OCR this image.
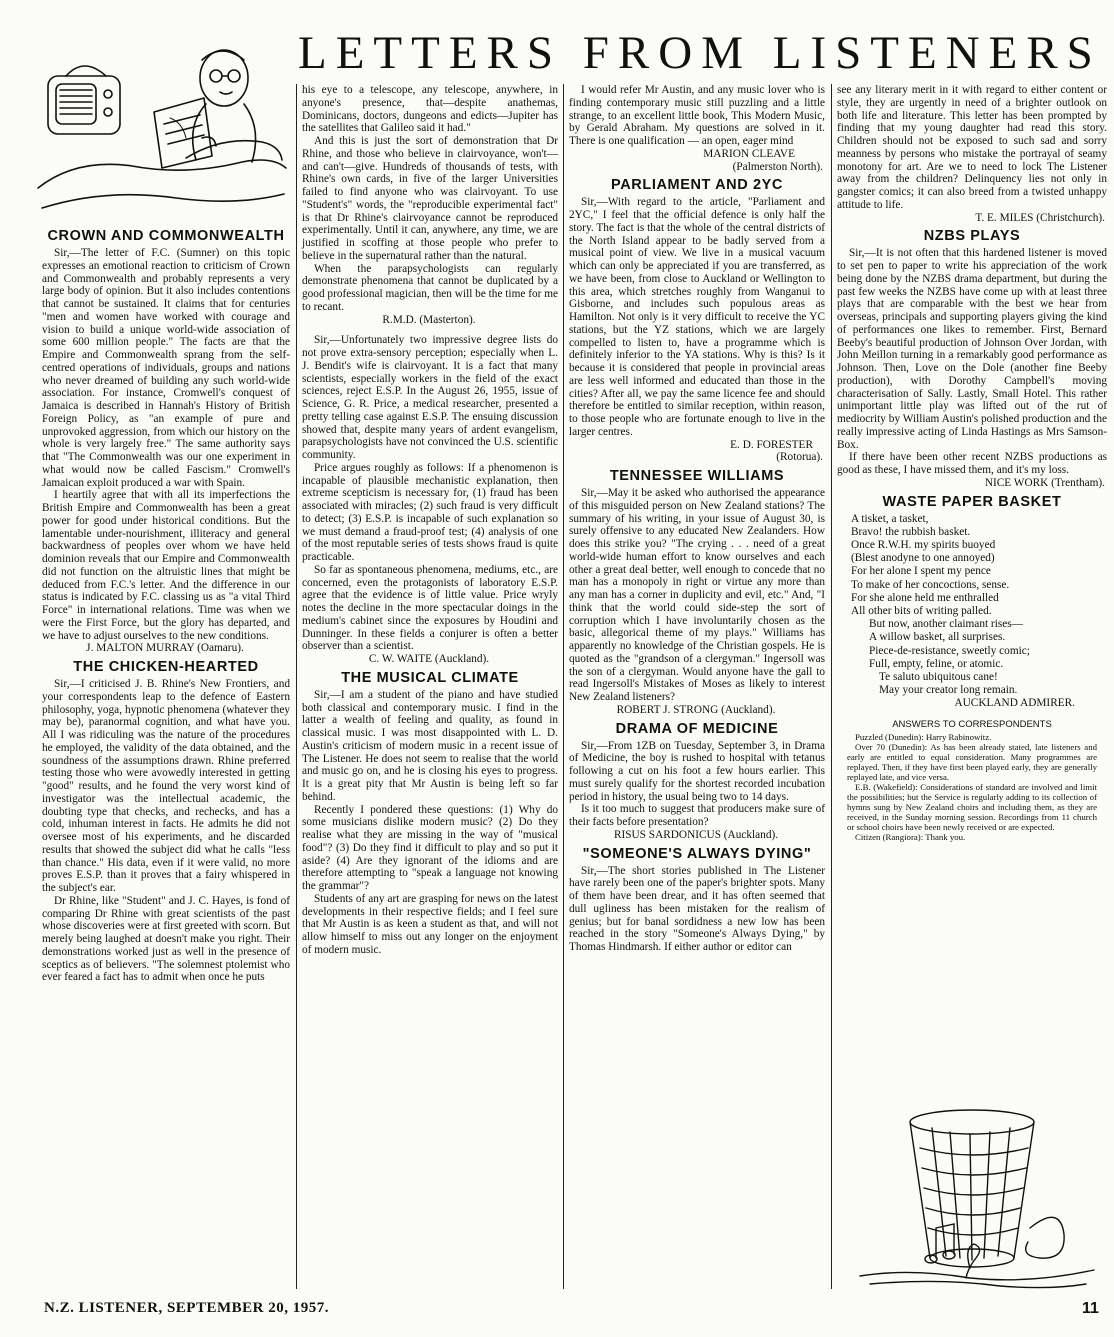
LETTERS FROM LISTENERS
CROWN AND COMMONWEALTH

Sir,—The letter of F.C. (Sumner) on this topic expresses an emotional reaction to criticism of Crown and Commonwealth and probably represents a very large body of opinion. But it also includes contentions that cannot be sustained. It claims that for centuries "men and women have worked with courage and vision to build a unique world-wide association of some 600 million people." The facts are that the Empire and Commonwealth sprang from the self-centred operations of individuals, groups and nations who never dreamed of building any such world-wide association. For instance, Cromwell's conquest of Jamaica is described in Hannah's History of British Foreign Policy, as "an example of pure and unprovoked aggression, from which our history on the whole is very largely free." The same authority says that "The Commonwealth was our one experiment in what would now be called Fascism." Cromwell's Jamaican exploit produced a war with Spain.

I heartily agree that with all its imperfections the British Empire and Commonwealth has been a great power for good under historical conditions. But the lamentable under-nourishment, illiteracy and general backwardness of peoples over whom we have held dominion reveals that our Empire and Commonwealth did not function on the altruistic lines that might be deduced from F.C.'s letter. And the difference in our status is indicated by F.C. classing us as "a vital Third Force" in international relations. Time was when we were the First Force, but the glory has departed, and we have to adjust ourselves to the new conditions.

J. MALTON MURRAY (Oamaru).
THE CHICKEN-HEARTED

Sir,—I criticised J. B. Rhine's New Frontiers, and your correspondents leap to the defence of Eastern philosophy, yoga, hypnotic phenomena (whatever they may be), paranormal cognition, and what have you. All I was ridiculing was the nature of the procedures he employed, the validity of the data obtained, and the soundness of the assumptions drawn. Rhine preferred testing those who were avowedly interested in getting "good" results, and he found the very worst kind of investigator was the intellectual academic, the doubting type that checks, and rechecks, and has a cold, inhuman interest in facts. He admits he did not oversee most of his experiments, and he discarded results that showed the subject did what he calls "less than chance." His data, even if it were valid, no more proves E.S.P. than it proves that a fairy whispered in the subject's ear.

Dr Rhine, like "Student" and J. C. Hayes, is fond of comparing Dr Rhine with great scientists of the past whose discoveries were at first greeted with scorn. But merely being laughed at doesn't make you right. Their demonstrations worked just as well in the presence of sceptics as of believers. "The solemnest ptolemist who ever feared a fact has to admit when once he puts

his eye to a telescope, any telescope, anywhere, in anyone's presence, that—despite anathemas, Dominicans, doctors, dungeons and edicts—Jupiter has the satellites that Galileo said it had."

And this is just the sort of demonstration that Dr Rhine, and those who believe in clairvoyance, won't—and can't—give. Hundreds of thousands of tests, with Rhine's own cards, in five of the larger Universities failed to find anyone who was clairvoyant. To use "Student's" words, the "reproducible experimental fact" is that Dr Rhine's clairvoyance cannot be reproduced experimentally. Until it can, anywhere, any time, we are justified in scoffing at those people who prefer to believe in the supernatural rather than the natural.

When the parapsychologists can regularly demonstrate phenomena that cannot be duplicated by a good professional magician, then will be the time for me to recant.

R.M.D. (Masterton).

Sir,—Unfortunately two impressive degree lists do not prove extra-sensory perception; especially when L. J. Bendit's wife is clairvoyant. It is a fact that many scientists, especially workers in the field of the exact sciences, reject E.S.P. In the August 26, 1955, issue of Science, G. R. Price, a medical researcher, presented a pretty telling case against E.S.P. The ensuing discussion showed that, despite many years of ardent evangelism, parapsychologists have not convinced the U.S. scientific community.

Price argues roughly as follows: If a phenomenon is incapable of plausible mechanistic explanation, then extreme scepticism is necessary for, (1) fraud has been associated with miracles; (2) such fraud is very difficult to detect; (3) E.S.P. is incapable of such explanation so we must demand a fraud-proof test; (4) analysis of one of the most reputable series of tests shows fraud is quite practicable.

So far as spontaneous phenomena, mediums, etc., are concerned, even the protagonists of laboratory E.S.P. agree that the evidence is of little value. Price wryly notes the decline in the more spectacular doings in the medium's cabinet since the exposures by Houdini and Dunninger. In these fields a conjurer is often a better observer than a scientist.

C. W. WAITE (Auckland).
THE MUSICAL CLIMATE

Sir,—I am a student of the piano and have studied both classical and contemporary music. I find in the latter a wealth of feeling and quality, as found in classical music. I was most disappointed with L. D. Austin's criticism of modern music in a recent issue of The Listener. He does not seem to realise that the world and music go on, and he is closing his eyes to progress. It is a great pity that Mr Austin is being left so far behind.

Recently I pondered these questions: (1) Why do some musicians dislike modern music? (2) Do they realise what they are missing in the way of "musical food"? (3) Do they find it difficult to play and so put it aside? (4) Are they ignorant of the idioms and are therefore attempting to "speak a language not knowing the grammar"?

Students of any art are grasping for news on the latest developments in their respective fields; and I feel sure that Mr Austin is as keen a student as that, and will not allow himself to miss out any longer on the enjoyment of modern music.

I would refer Mr Austin, and any music lover who is finding contemporary music still puzzling and a little strange, to an excellent little book, This Modern Music, by Gerald Abraham. My questions are solved in it. There is one qualification — an open, eager mind

MARION CLEAVE
(Palmerston North).
PARLIAMENT AND 2YC

Sir,—With regard to the article, "Parliament and 2YC," I feel that the official defence is only half the story. The fact is that the whole of the central districts of the North Island appear to be badly served from a musical point of view. We live in a musical vacuum which can only be appreciated if you are transferred, as we have been, from close to Auckland or Wellington to this area, which stretches roughly from Wanganui to Gisborne, and includes such populous areas as Hamilton. Not only is it very difficult to receive the YC stations, but the YZ stations, which we are largely compelled to listen to, have a programme which is definitely inferior to the YA stations. Why is this? Is it because it is considered that people in provincial areas are less well informed and educated than those in the cities? After all, we pay the same licence fee and should therefore be entitled to similar reception, within reason, to those people who are fortunate enough to live in the larger centres.

E. D. FORESTER
(Rotorua).
TENNESSEE WILLIAMS

Sir,—May it be asked who authorised the appearance of this misguided person on New Zealand stations? The summary of his writing, in your issue of August 30, is surely offensive to any educated New Zealanders. How does this strike you? "The crying . . . need of a great world-wide human effort to know ourselves and each other a great deal better, well enough to concede that no man has a monopoly in right or virtue any more than any man has a corner in duplicity and evil, etc." And, "I think that the world could side-step the sort of corruption which I have involuntarily chosen as the basic, allegorical theme of my plays." Williams has apparently no knowledge of the Christian gospels. He is quoted as the "grandson of a clergyman." Ingersoll was the son of a clergyman. Would anyone have the gall to read Ingersoll's Mistakes of Moses as likely to interest New Zealand listeners?

ROBERT J. STRONG (Auckland).
DRAMA OF MEDICINE

Sir,—From 1ZB on Tuesday, September 3, in Drama of Medicine, the boy is rushed to hospital with tetanus following a cut on his foot a few hours earlier. This must surely qualify for the shortest recorded incubation period in history, the usual being two to 14 days.

Is it too much to suggest that producers make sure of their facts before presentation?

RISUS SARDONICUS (Auckland).
"SOMEONE'S ALWAYS DYING"

Sir,—The short stories published in The Listener have rarely been one of the paper's brighter spots. Many of them have been drear, and it has often seemed that dull ugliness has been mistaken for the realism of genius; but for banal sordidness a new low has been reached in the story "Someone's Always Dying," by Thomas Hindmarsh. If either author or editor can

see any literary merit in it with regard to either content or style, they are urgently in need of a brighter outlook on both life and literature. This letter has been prompted by finding that my young daughter had read this story. Children should not be exposed to such sad and sorry meanness by persons who mistake the portrayal of seamy monotony for art. Are we to need to lock The Listener away from the children? Delinquency lies not only in gangster comics; it can also breed from a twisted unhappy attitude to life.

T. E. MILES (Christchurch).
NZBS PLAYS

Sir,—It is not often that this hardened listener is moved to set pen to paper to write his appreciation of the work being done by the NZBS drama department, but during the past few weeks the NZBS have come up with at least three plays that are comparable with the best we hear from overseas, principals and supporting players giving the kind of performances one likes to remember. First, Bernard Beeby's beautiful production of Johnson Over Jordan, with John Meillon turning in a remarkably good performance as Johnson. Then, Love on the Dole (another fine Beeby production), with Dorothy Campbell's moving characterisation of Sally. Lastly, Small Hotel. This rather unimportant little play was lifted out of the rut of mediocrity by William Austin's polished production and the really impressive acting of Linda Hastings as Mrs Samson-Box.

If there have been other recent NZBS productions as good as these, I have missed them, and it's my loss.

NICE WORK (Trentham).
WASTE PAPER BASKET
A tisket, a tasket,
Bravo! the rubbish basket.
Once R.W.H. my spirits buoyed
(Blest anodyne to one annoyed)
For her alone I spent my pence
To make of her concoctions, sense.
For she alone held me enthralled
All other bits of writing palled.
But now, another claimant rises—
A willow basket, all surprises.
Piece-de-resistance, sweetly comic;
Full, empty, feline, or atomic.
Te saluto ubiquitous cane!
May your creator long remain.
AUCKLAND ADMIRER.
ANSWERS TO CORRESPONDENTS

Puzzled (Dunedin): Harry Rabinowitz.

Over 70 (Dunedin): As has been already stated, late listeners and early are entitled to equal consideration. Many programmes are replayed. Then, if they have first been played early, they are generally replayed late, and vice versa.

E.B. (Wakefield): Considerations of standard are involved and limit the possibilities; but the Service is regularly adding to its collection of hymns sung by New Zealand choirs and including them, as they are received, in the Sunday morning session. Recordings from 11 church or school choirs have been newly received or are expected.

Citizen (Rangiora): Thank you.

N.Z. LISTENER, SEPTEMBER 20, 1957.	11
